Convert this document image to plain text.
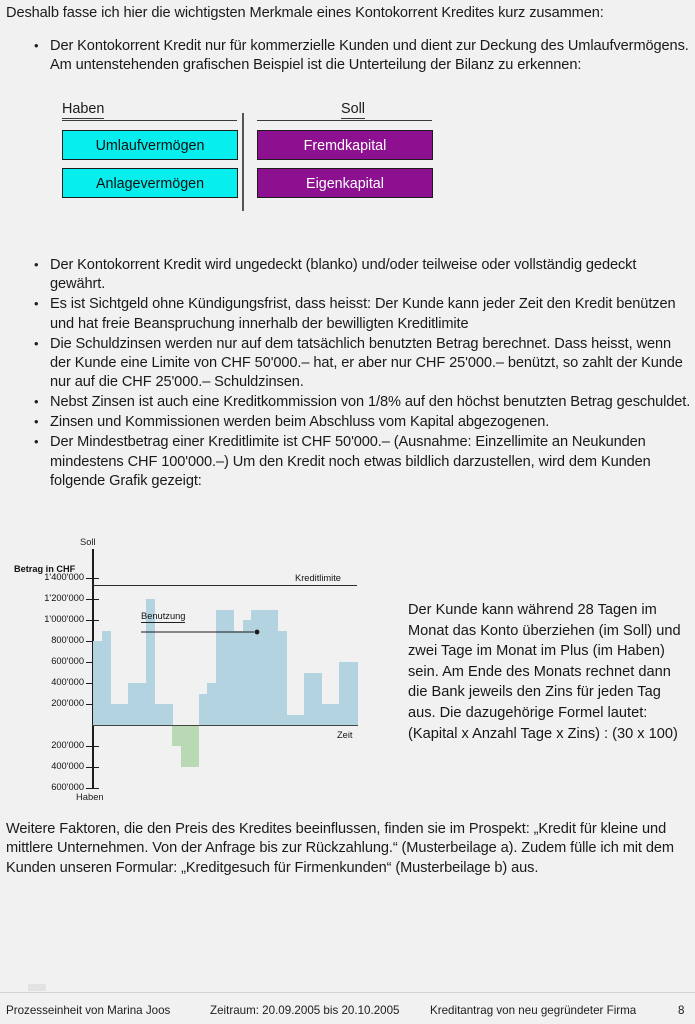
Deshalb fasse ich hier die wichtigsten Merkmale eines Kontokorrent Kredites kurz zusammen:
• Der Kontokorrent Kredit nur für kommerzielle Kunden und dient zur Deckung des Umlaufvermögens. Am untenstehenden grafischen Beispiel ist die Unterteilung der Bilanz zu erkennen:
Haben	Soll
Umlaufvermögen
Anlagevermögen
Fremdkapital
Eigenkapital
• Der Kontokorrent Kredit wird ungedeckt (blanko) und/oder teilweise oder vollständig gedeckt gewährt.
• Es ist Sichtgeld ohne Kündigungsfrist, dass heisst: Der Kunde kann jeder Zeit den Kredit benützen und hat freie Beanspruchung innerhalb der bewilligten Kreditlimite
• Die Schuldzinsen werden nur auf dem tatsächlich benutzten Betrag berechnet. Dass heisst, wenn der Kunde eine Limite von CHF 50'000.– hat, er aber nur CHF 25'000.– benützt, so zahlt der Kunde nur auf die CHF 25'000.– Schuldzinsen.
• Nebst Zinsen ist auch eine Kreditkommission von 1/8% auf den höchst benutzten Betrag geschuldet.
• Zinsen und Kommissionen werden beim Abschluss vom Kapital abgezogenen.
• Der Mindestbetrag einer Kreditlimite ist CHF 50'000.– (Ausnahme: Einzellimite an Neukunden mindestens CHF 100'000.–) Um den Kredit noch etwas bildlich darzustellen, wird dem Kunden folgende Grafik gezeigt:
Soll
Betrag in CHF
1'400'000
1'200'000
1'000'000
800'000
600'000
400'000
200'000
200'000
400'000
600'000
Kreditlimite
Zeit
Haben
Benutzung	Der Kunde kann während 28 Tagen im Monat das Konto überziehen (im Soll) und zwei Tage im Monat im Plus (im Haben) sein. Am Ende des Monats rechnet dann die Bank jeweils den Zins für jeden Tag aus. Die dazugehörige Formel lautet: (Kapital x Anzahl Tage x Zins) : (30 x 100)
Weitere Faktoren, die den Preis des Kredites beeinflussen, finden sie im Prospekt: „Kredit für kleine und mittlere Unternehmen. Von der Anfrage bis zur Rückzahlung.“ (Musterbeilage a). Zudem fülle ich mit dem Kunden unseren Formular: „Kreditgesuch für Firmenkunden“ (Musterbeilage b) aus.
Prozesseinheit von Marina Joos	Zeitraum: 20.09.2005 bis 20.10.2005	Kreditantrag von neu gegründeter Firma	8
